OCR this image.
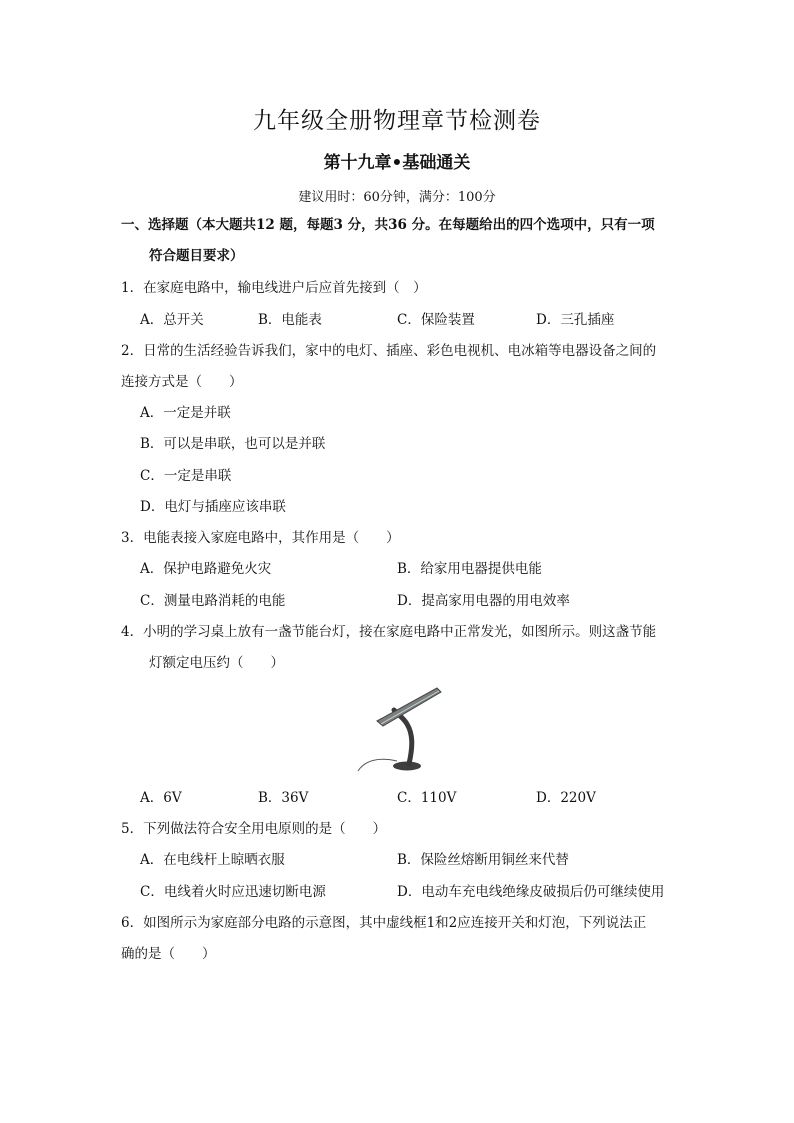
九年级全册物理章节检测卷
第十九章•基础通关
建议用时：60分钟，满分：100分
一、选择题（本大题共12 题，每题3 分，共36 分。在每题给出的四个选项中，只有一项
符合题目要求）
1．在家庭电路中，输电线进户后应首先接到（　）
A．总开关	B．电能表	C．保险装置	D．三孔插座
2．日常的生活经验告诉我们，家中的电灯、插座、彩色电视机、电冰箱等电器设备之间的
连接方式是（　　）
A．一定是并联
B．可以是串联，也可以是并联
C．一定是串联
D．电灯与插座应该串联
3．电能表接入家庭电路中，其作用是（　　）
A．保护电路避免火灾	B．给家用电器提供电能
C．测量电路消耗的电能	D．提高家用电器的用电效率
4．小明的学习桌上放有一盏节能台灯，接在家庭电路中正常发光，如图所示。则这盏节能
灯额定电压约（　　）
A．6V	B．36V	C．110V	D．220V
5．下列做法符合安全用电原则的是（　　）
A．在电线杆上晾晒衣服	B．保险丝熔断用铜丝来代替
C．电线着火时应迅速切断电源	D．电动车充电线绝缘皮破损后仍可继续使用
6．如图所示为家庭部分电路的示意图，其中虚线框1和2应连接开关和灯泡，下列说法正
确的是（　　）
